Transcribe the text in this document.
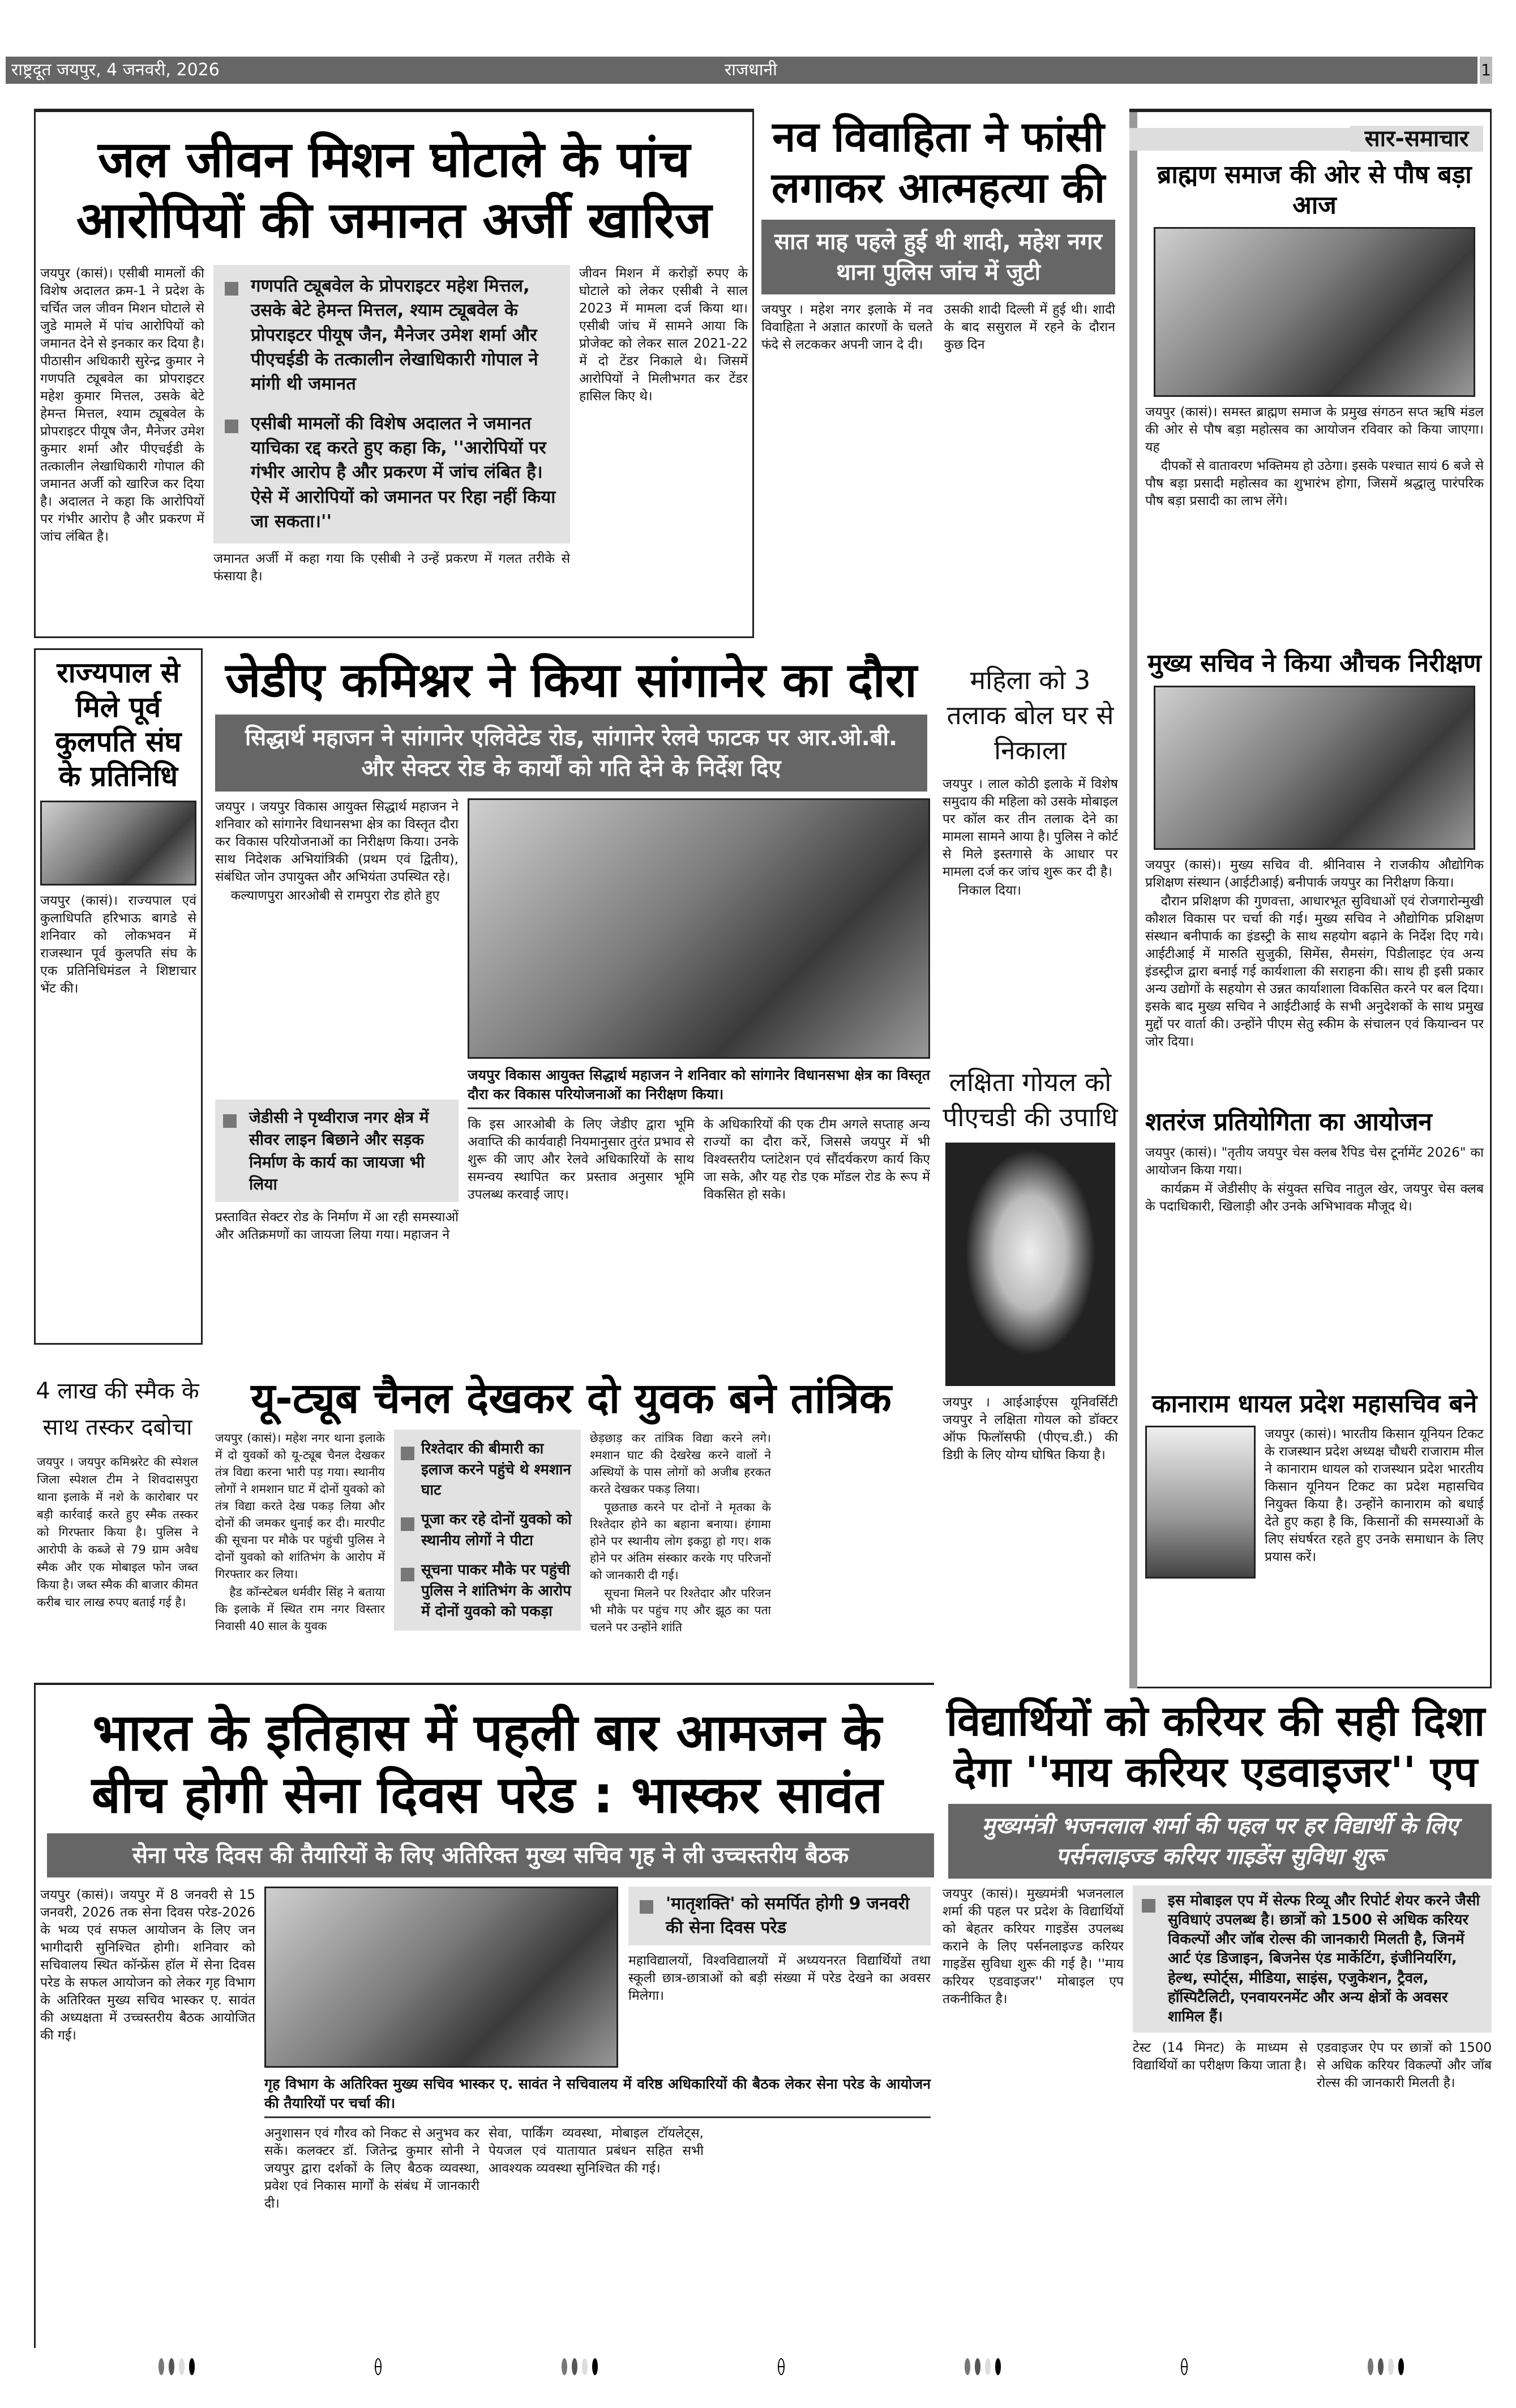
राष्ट्रदूत जयपुर, 4 जनवरी, 2026	राजधानी	1
जल जीवन मिशन घोटाले के पांच आरोपियों की जमानत अर्जी खारिज
जयपुर (कासं)। एसीबी मामलों की विशेष अदालत क्रम-1 ने प्रदेश के चर्चित जल जीवन मिशन घोटाले से जुडे मामले में पांच आरोपियों को जमानत देने से इनकार कर दिया है। पीठासीन अधिकारी सुरेन्द्र कुमार ने गणपति ट्यूबवेल का प्रोपराइटर महेश कुमार मित्तल, उसके बेटे हेमन्त मित्तल, श्याम ट्यूबवेल के प्रोपराइटर पीयूष जैन, मैनेजर उमेश कुमार शर्मा और पीएचईडी के तत्कालीन लेखाधिकारी गोपाल की जमानत अर्जी को खारिज कर दिया है। अदालत ने कहा कि आरोपियों पर गंभीर आरोप है और प्रकरण में जांच लंबित है।
गणपति ट्यूबवेल के प्रोपराइटर महेश मित्तल, उसके बेटे हेमन्त मित्तल, श्याम ट्यूबवेल के प्रोपराइटर पीयूष जैन, मैनेजर उमेश शर्मा और पीएचईडी के तत्कालीन लेखाधिकारी गोपाल ने मांगी थी जमानत
एसीबी मामलों की विशेष अदालत ने जमानत याचिका रद्द करते हुए कहा कि, ''आरोपियों पर गंभीर आरोप है और प्रकरण में जांच लंबित है। ऐसे में आरोपियों को जमानत पर रिहा नहीं किया जा सकता।''
जमानत अर्जी में कहा गया कि एसीबी ने उन्हें प्रकरण में गलत तरीके से फंसाया है।
जीवन मिशन में करोड़ों रुपए के घोटाले को लेकर एसीबी ने साल 2023 में मामला दर्ज किया था। एसीबी जांच में सामने आया कि प्रोजेक्ट को लेकर साल 2021-22 में दो टेंडर निकाले थे। जिसमें आरोपियों ने मिलीभगत कर टेंडर हासिल किए थे।
नव विवाहिता ने फांसी लगाकर आत्महत्या की
सात माह पहले हुई थी शादी, महेश नगर थाना पुलिस जांच में जुटी
जयपुर । महेश नगर इलाके में नव विवाहिता ने अज्ञात कारणों के चलते फंदे से लटककर अपनी जान दे दी।
उसकी शादी दिल्ली में हुई थी। शादी के बाद ससुराल में रहने के दौरान कुछ दिन
सार-समाचार
ब्राह्मण समाज की ओर से पौष बड़ा आज

जयपुर (कासं)। समस्त ब्राह्मण समाज के प्रमुख संगठन सप्त ऋषि मंडल की ओर से पौष बड़ा महोत्सव का आयोजन रविवार को किया जाएगा। यह

दीपकों से वातावरण भक्तिमय हो उठेगा। इसके पश्चात सायं 6 बजे से पौष बड़ा प्रसादी महोत्सव का शुभारंभ होगा, जिसमें श्रद्धालु पारंपरिक पौष बड़ा प्रसादी का लाभ लेंगे।

मुख्य सचिव ने किया औचक निरीक्षण

जयपुर (कासं)। मुख्य सचिव वी. श्रीनिवास ने राजकीय औद्योगिक प्रशिक्षण संस्थान (आईटीआई) बनीपार्क जयपुर का निरीक्षण किया।

दौरान प्रशिक्षण की गुणवत्ता, आधारभूत सुविधाओं एवं रोजगारोन्मुखी कौशल विकास पर चर्चा की गई। मुख्य सचिव ने औद्योगिक प्रशिक्षण संस्थान बनीपार्क का इंडस्ट्री के साथ सहयोग बढ़ाने के निर्देश दिए गये। आईटीआई में मारुति सुजुकी, सिमेंस, सैमसंग, पिडीलाइट एंव अन्य इंडस्ट्रीज द्वारा बनाई गई कार्यशाला की सराहना की। साथ ही इसी प्रकार अन्य उद्योगों के सहयोग से उन्नत कार्याशाला विकसित करने पर बल दिया। इसके बाद मुख्य सचिव ने आईटीआई के सभी अनुदेशकों के साथ प्रमुख मुद्दों पर वार्ता की। उन्होंने पीएम सेतु स्कीम के संचालन एवं कियान्वन पर जोर दिया।

शतरंज प्रतियोगिता का आयोजन

जयपुर (कासं)। "तृतीय जयपुर चेस क्लब रैपिड चेस टूर्नामेंट 2026" का आयोजन किया गया।

कार्यक्रम में जेडीसीए के संयुक्त सचिव नातुल खेर, जयपुर चेस क्लब के पदाधिकारी, खिलाड़ी और उनके अभिभावक मौजूद थे।

कानाराम धायल प्रदेश महासचिव बने
जयपुर (कासं)। भारतीय किसान यूनियन टिकट के राजस्थान प्रदेश अध्यक्ष चौधरी राजाराम मील ने कानाराम धायल को राजस्थान प्रदेश भारतीय किसान यूनियन टिकट का प्रदेश महासचिव नियुक्त किया है। उन्होंने कानाराम को बधाई देते हुए कहा है कि, किसानों की समस्याओं के लिए संघर्षरत रहते हुए उनके समाधान के लिए प्रयास करें।
राज्यपाल से मिले पूर्व कुलपति संघ के प्रतिनिधि
जयपुर (कासं)। राज्यपाल एवं कुलाधिपति हरिभाऊ बागडे से शनिवार को लोकभवन में राजस्थान पूर्व कुलपति संघ के एक प्रतिनिधिमंडल ने शिष्टाचार भेंट की।
जेडीए कमिश्नर ने किया सांगानेर का दौरा
सिद्धार्थ महाजन ने सांगानेर एलिवेटेड रोड, सांगानेर रेलवे फाटक पर आर.ओ.बी. और सेक्टर रोड के कार्यों को गति देने के निर्देश दिए

जयपुर । जयपुर विकास आयुक्त सिद्धार्थ महाजन ने शनिवार को सांगानेर विधानसभा क्षेत्र का विस्तृत दौरा कर विकास परियोजनाओं का निरीक्षण किया। उनके साथ निदेशक अभियांत्रिकी (प्रथम एवं द्वितीय), संबंधित जोन उपायुक्त और अभियंता उपस्थित रहे।

कल्याणपुरा आरओबी से रामपुरा रोड होते हुए

जेडीसी ने पृथ्वीराज नगर क्षेत्र में सीवर लाइन बिछाने और सड़क निर्माण के कार्य का जायजा भी लिया
प्रस्तावित सेक्टर रोड के निर्माण में आ रही समस्याओं और अतिक्रमणों का जायजा लिया गया। महाजन ने
जयपुर विकास आयुक्त सिद्धार्थ महाजन ने शनिवार को सांगानेर विधानसभा क्षेत्र का विस्तृत दौरा कर विकास परियोजनाओं का निरीक्षण किया।
कि इस आरओबी के लिए जेडीए द्वारा भूमि अवाप्ति की कार्यवाही नियमानुसार तुरंत प्रभाव से शुरू की जाए और रेलवे अधिकारियों के साथ समन्वय स्थापित कर प्रस्ताव अनुसार भूमि उपलब्ध करवाई जाए।
के अधिकारियों की एक टीम अगले सप्ताह अन्य राज्यों का दौरा करें, जिससे जयपुर में भी विश्वस्तरीय प्लांटेशन एवं सौंदर्यकरण कार्य किए जा सके, और यह रोड एक मॉडल रोड के रूप में विकसित हो सके।
महिला को 3 तलाक बोल घर से निकाला

जयपुर । लाल कोठी इलाके में विशेष समुदाय की महिला को उसके मोबाइल पर कॉल कर तीन तलाक देने का मामला सामने आया है। पुलिस ने कोर्ट से मिले इस्तगासे के आधार पर मामला दर्ज कर जांच शुरू कर दी है।

निकाल दिया।

लक्षिता गोयल को पीएचडी की उपाधि
जयपुर । आईआईएस यूनिवर्सिटी जयपुर ने लक्षिता गोयल को डॉक्टर ऑफ फिलॉसफी (पीएच.डी.) की डिग्री के लिए योग्य घोषित किया है।
4 लाख की स्मैक के साथ तस्कर दबोचा
जयपुर । जयपुर कमिश्नरेट की स्पेशल जिला स्पेशल टीम ने शिवदासपुरा थाना इलाके में नशे के कारोबार पर बड़ी कार्रवाई करते हुए स्मैक तस्कर को गिरफ्तार किया है। पुलिस ने आरोपी के कब्जे से 79 ग्राम अवैध स्मैक और एक मोबाइल फोन जब्त किया है। जब्त स्मैक की बाजार कीमत करीब चार लाख रुपए बताई गई है।
यू-ट्यूब चैनल देखकर दो युवक बने तांत्रिक

जयपुर (कासं)। महेश नगर थाना इलाके में दो युवकों को यू-ट्यूब चैनल देखकर तंत्र विद्या करना भारी पड़ गया। स्थानीय लोगों ने शमशान घाट में दोनों युवको को तंत्र विद्या करते देख पकड़ लिया और दोनों की जमकर धुनाई कर दी। मारपीट की सूचना पर मौके पर पहुंची पुलिस ने दोनों युवको को शांतिभंग के आरोप में गिरफ्तार कर लिया।

हैड कॉन्स्टेबल धर्मवीर सिंह ने बताया कि इलाके में स्थित राम नगर विस्तार निवासी 40 साल के युवक

रिश्तेदार की बीमारी का इलाज करने पहुंचे थे श्मशान घाट
पूजा कर रहे दोनों युवको को स्थानीय लोगों ने पीटा
सूचना पाकर मौके पर पहुंची पुलिस ने शांतिभंग के आरोप में दोनों युवको को पकड़ा

छेड़छाड़ कर तांत्रिक विद्या करने लगे। श्मशान घाट की देखरेख करने वालों ने अस्थियों के पास लोगों को अजीब हरकत करते देखकर पकड़ लिया।

पूछताछ करने पर दोनों ने मृतका के रिश्तेदार होने का बहाना बनाया। हंगामा होने पर स्थानीय लोग इकट्ठा हो गए। शक होने पर अंतिम संस्कार करके गए परिजनों को जानकारी दी गई।

सूचना मिलने पर रिश्तेदार और परिजन भी मौके पर पहुंच गए और झूठ का पता चलने पर उन्होंने शांति

भारत के इतिहास में पहली बार आमजन के बीच होगी सेना दिवस परेड : भास्कर सावंत
सेना परेड दिवस की तैयारियों के लिए अतिरिक्त मुख्य सचिव गृह ने ली उच्चस्तरीय बैठक
जयपुर (कासं)। जयपुर में 8 जनवरी से 15 जनवरी, 2026 तक सेना दिवस परेड-2026 के भव्य एवं सफल आयोजन के लिए जन भागीदारी सुनिश्चित होगी। शनिवार को सचिवालय स्थित कॉन्फ्रेंस हॉल में सेना दिवस परेड के सफल आयोजन को लेकर गृह विभाग के अतिरिक्त मुख्य सचिव भास्कर ए. सावंत की अध्यक्षता में उच्चस्तरीय बैठक आयोजित की गई।
'मातृशक्ति' को समर्पित होगी 9 जनवरी की सेना दिवस परेड
महाविद्यालयों, विश्वविद्यालयों में अध्ययनरत विद्यार्थियों तथा स्कूली छात्र-छात्राओं को बड़ी संख्या में परेड देखने का अवसर मिलेगा।
गृह विभाग के अतिरिक्त मुख्य सचिव भास्कर ए. सावंत ने सचिवालय में वरिष्ठ अधिकारियों की बैठक लेकर सेना परेड के आयोजन की तैयारियों पर चर्चा की।
अनुशासन एवं गौरव को निकट से अनुभव कर सकें। कलक्टर डॉ. जितेन्द्र कुमार सोनी ने जयपुर द्वारा दर्शकों के लिए बैठक व्यवस्था, प्रवेश एवं निकास मार्गों के संबंध में जानकारी दी।
सेवा, पार्किंग व्यवस्था, मोबाइल टॉयलेट्स, पेयजल एवं यातायात प्रबंधन सहित सभी आवश्यक व्यवस्था सुनिश्चित की गई।
विद्यार्थियों को करियर की सही दिशा देगा ''माय करियर एडवाइजर'' एप
मुख्यमंत्री भजनलाल शर्मा की पहल पर हर विद्यार्थी के लिए पर्सनलाइज्ड करियर गाइडेंस सुविधा शुरू
जयपुर (कासं)। मुख्यमंत्री भजनलाल शर्मा की पहल पर प्रदेश के विद्यार्थियों को बेहतर करियर गाइडेंस उपलब्ध कराने के लिए पर्सनलाइज्ड करियर गाइडेंस सुविधा शुरू की गई है। ''माय करियर एडवाइजर'' मोबाइल एप तकनीकित है।
इस मोबाइल एप में सेल्फ रिव्यू और रिपोर्ट शेयर करने जैसी सुविधाएं उपलब्ध है। छात्रों को 1500 से अधिक करियर विकल्पों और जॉब रोल्स की जानकारी मिलती है, जिनमें आर्ट एंड डिजाइन, बिजनेस एंड मार्केटिंग, इंजीनियरिंग, हेल्थ, स्पोर्ट्स, मीडिया, साइंस, एजुकेशन, ट्रैवल, हॉस्पिटैलिटी, एनवायरनमेंट और अन्य क्षेत्रों के अवसर शामिल हैं।
टेस्ट (14 मिनट) के माध्यम से विद्यार्थियों का परीक्षण किया जाता है।
एडवाइजर ऐप पर छात्रों को 1500 से अधिक करियर विकल्पों और जॉब रोल्स की जानकारी मिलती है।
